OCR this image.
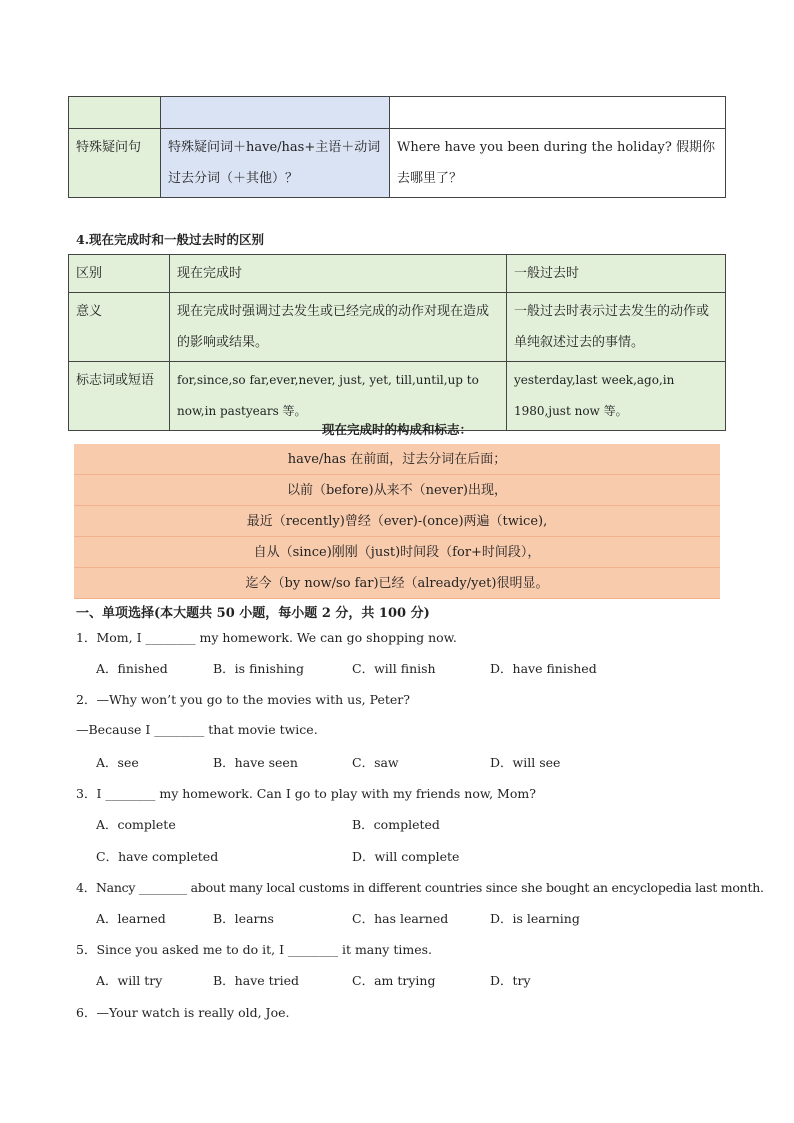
特殊疑问句	特殊疑问词＋have/has+主语＋动词过去分词（＋其他）？	Where have you been during the holiday? 假期你去哪里了？
4.现在完成时和一般过去时的区别
区别	现在完成时	一般过去时
意义	现在完成时强调过去发生或已经完成的动作对现在造成的影响或结果。	一般过去时表示过去发生的动作或单纯叙述过去的事情。
标志词或短语	for,since,so far,ever,never, just, yet, till,until,up to now,in pastyears 等。	yesterday,last week,ago,in 1980,just now 等。
现在完成时的构成和标志：
have/has 在前面，过去分词在后面；
以前（before)从来不（never)出现，
最近（recently)曾经（ever)-(once)两遍（twice),
自从（since)刚刚（just)时间段（for+时间段），
迄今（by now/so far)已经（already/yet)很明显。
一、单项选择(本大题共 50 小题，每小题 2 分，共 100 分)
1．Mom, I ________ my homework. We can go shopping now.
A．finished	B．is finishing	C．will finish	D．have finished
2．—Why won’t you go to the movies with us, Peter?
—Because I ________ that movie twice.
A．see	B．have seen	C．saw	D．will see
3．I ________ my homework. Can I go to play with my friends now, Mom?
A．complete	B．completed
C．have completed	D．will complete
4．Nancy ________ about many local customs in different countries since she bought an encyclopedia last month.
A．learned	B．learns	C．has learned	D．is learning
5．Since you asked me to do it, I ________ it many times.
A．will try	B．have tried	C．am trying	D．try
6．—Your watch is really old, Joe.
